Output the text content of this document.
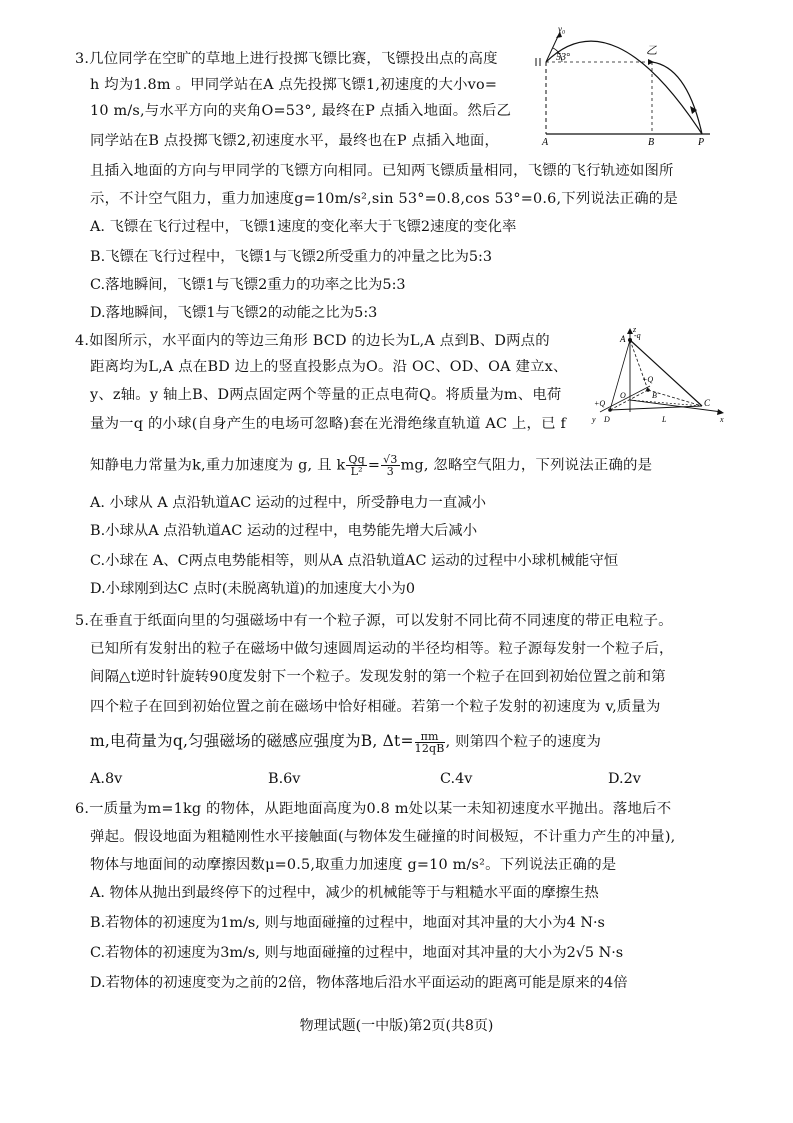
3.几位同学在空旷的草地上进行投掷飞镖比赛，飞镖投出点的高度
h 均为1.8m 。甲同学站在A 点先投掷飞镖1,初速度的大小vo=
10 m/s,与水平方向的夹角O=53°, 最终在P 点插入地面。然后乙
同学站在B 点投掷飞镖2,初速度水平，最终也在P 点插入地面，
且插入地面的方向与甲同学的飞镖方向相同。已知两飞镖质量相同，飞镖的飞行轨迹如图所
示，不计空气阻力，重力加速度g=10m/s²,sin 53°=0.8,cos 53°=0.6,下列说法正确的是
A. 飞镖在飞行过程中，飞镖1速度的变化率大于飞镖2速度的变化率
B.飞镖在飞行过程中，飞镖1与飞镖2所受重力的冲量之比为5:3
C.落地瞬间，飞镖1与飞镖2重力的功率之比为5:3
D.落地瞬间，飞镖1与飞镖2的动能之比为5:3
v₀
53°
乙
A	B	P
4.如图所示，水平面内的等边三角形 BCD 的边长为L,A 点到B、D两点的
距离均为L,A 点在BD 边上的竖直投影点为O。沿 OC、OD、OA 建立x、
y、z轴。y 轴上B、D两点固定两个等量的正点电荷Q。将质量为m、电荷
量为一q 的小球(自身产生的电场可忽略)套在光滑绝缘直轨道 AC 上，已 f
知静电力常量为k,重力加速度为 g, 且 k $\frac{Qq}{\text{L²}} = \frac{√3}{3}$ mg, 忽略空气阻力，下列说法正确的是
A. 小球从 A 点沿轨道AC 运动的过程中，所受静电力一直减小
B.小球从A 点沿轨道AC 运动的过程中，电势能先增大后减小
C.小球在 A、C两点电势能相等，则从A 点沿轨道AC 运动的过程中小球机械能守恒
D.小球刚到达C 点时(未脱离轨道)的加速度大小为0
A -q
z
+Q
+Q
O	B
C
D	L	x
y
5.在垂直于纸面向里的匀强磁场中有一个粒子源，可以发射不同比荷不同速度的带正电粒子。
已知所有发射出的粒子在磁场中做匀速圆周运动的半径均相等。粒子源每发射一个粒子后，
间隔△t逆时针旋转90度发射下一个粒子。发现发射的第一个粒子在回到初始位置之前和第
四个粒子在回到初始位置之前在磁场中恰好相碰。若第一个粒子发射的初速度为 v,质量为
m,电荷量为q,匀强磁场的磁感应强度为B, $\Delta t= \frac{\pi m}{12qB}$ , 则第四个粒子的速度为
A.8v	B.6v	C.4v	D.2v
6.一质量为m=1kg 的物体，从距地面高度为0.8 m处以某一未知初速度水平抛出。落地后不
弹起。假设地面为粗糙刚性水平接触面(与物体发生碰撞的时间极短，不计重力产生的冲量),
物体与地面间的动摩擦因数μ=0.5,取重力加速度 g=10 m/s²。下列说法正确的是
A. 物体从抛出到最终停下的过程中，减少的机械能等于与粗糙水平面的摩擦生热
B.若物体的初速度为1m/s, 则与地面碰撞的过程中，地面对其冲量的大小为4 N·s
C.若物体的初速度为3m/s, 则与地面碰撞的过程中，地面对其冲量的大小为2√5 N·s
D.若物体的初速度变为之前的2倍，物体落地后沿水平面运动的距离可能是原来的4倍
物理试题(一中版)第2页(共8页)
